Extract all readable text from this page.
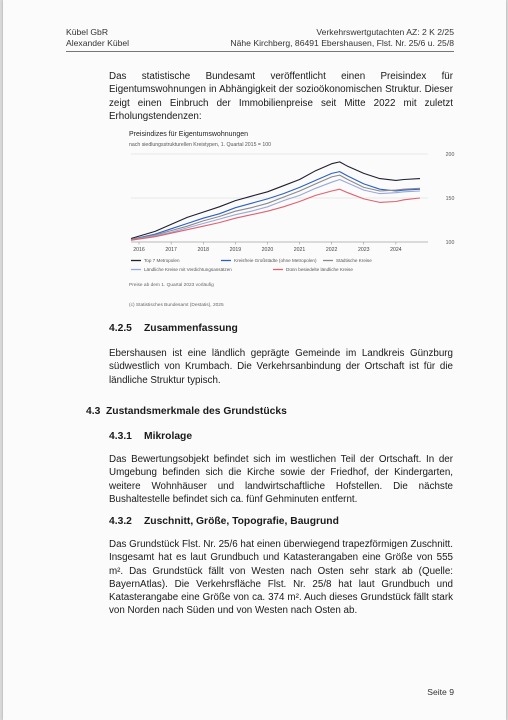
Kübel GbR
Alexander Kübel
Verkehrswertgutachten AZ: 2 K 2/25
Nähe Kirchberg, 86491 Ebershausen, Flst. Nr. 25/6 u. 25/8

Das statistische Bundesamt veröffentlicht einen Preisindex für Eigentumswohnungen in Abhängigkeit der sozioökonomischen Struktur. Dieser zeigt einen Einbruch der Immobilienpreise seit Mitte 2022 mit zuletzt Erholungstendenzen:

Preisindizes für Eigentumswohnungen
nach siedlungsstrukturellen Kreistypen, 1. Quartal 2015 = 100
2016	2017	2018	2019	2020	2021	2022	2023	2024
100
150
200
Top 7 Metropolen	Kreisfreie Großstädte (ohne Metropolen)	Städtische Kreise
Ländliche Kreise mit Verdichtungsansätzen	Dünn besiedelte ländliche Kreise
Preise ab dem 1. Quartal 2023 vorläufig
(c) Statistisches Bundesamt (Destatis), 2025
4.2.5 Zusammenfassung

Ebershausen ist eine ländlich geprägte Gemeinde im Landkreis Günzburg südwestlich von Krumbach. Die Verkehrsanbindung der Ortschaft ist für die ländliche Struktur typisch.

4.3 Zustandsmerkmale des Grundstücks
4.3.1 Mikrolage

Das Bewertungsobjekt befindet sich im westlichen Teil der Ortschaft. In der Umgebung befinden sich die Kirche sowie der Friedhof, der Kindergarten, weitere Wohnhäuser und landwirtschaftliche Hofstellen. Die nächste Bushaltestelle befindet sich ca. fünf Gehminuten entfernt.

4.3.2 Zuschnitt, Größe, Topografie, Baugrund

Das Grundstück Flst. Nr. 25/6 hat einen überwiegend trapezförmigen Zuschnitt. Insgesamt hat es laut Grundbuch und Katasterangaben eine Größe von 555 m². Das Grundstück fällt von Westen nach Osten sehr stark ab (Quelle: BayernAtlas). Die Verkehrsfläche Flst. Nr. 25/8 hat laut Grundbuch und Katasterangabe eine Größe von ca. 374 m². Auch dieses Grundstück fällt stark von Norden nach Süden und von Westen nach Osten ab.

Seite 9
